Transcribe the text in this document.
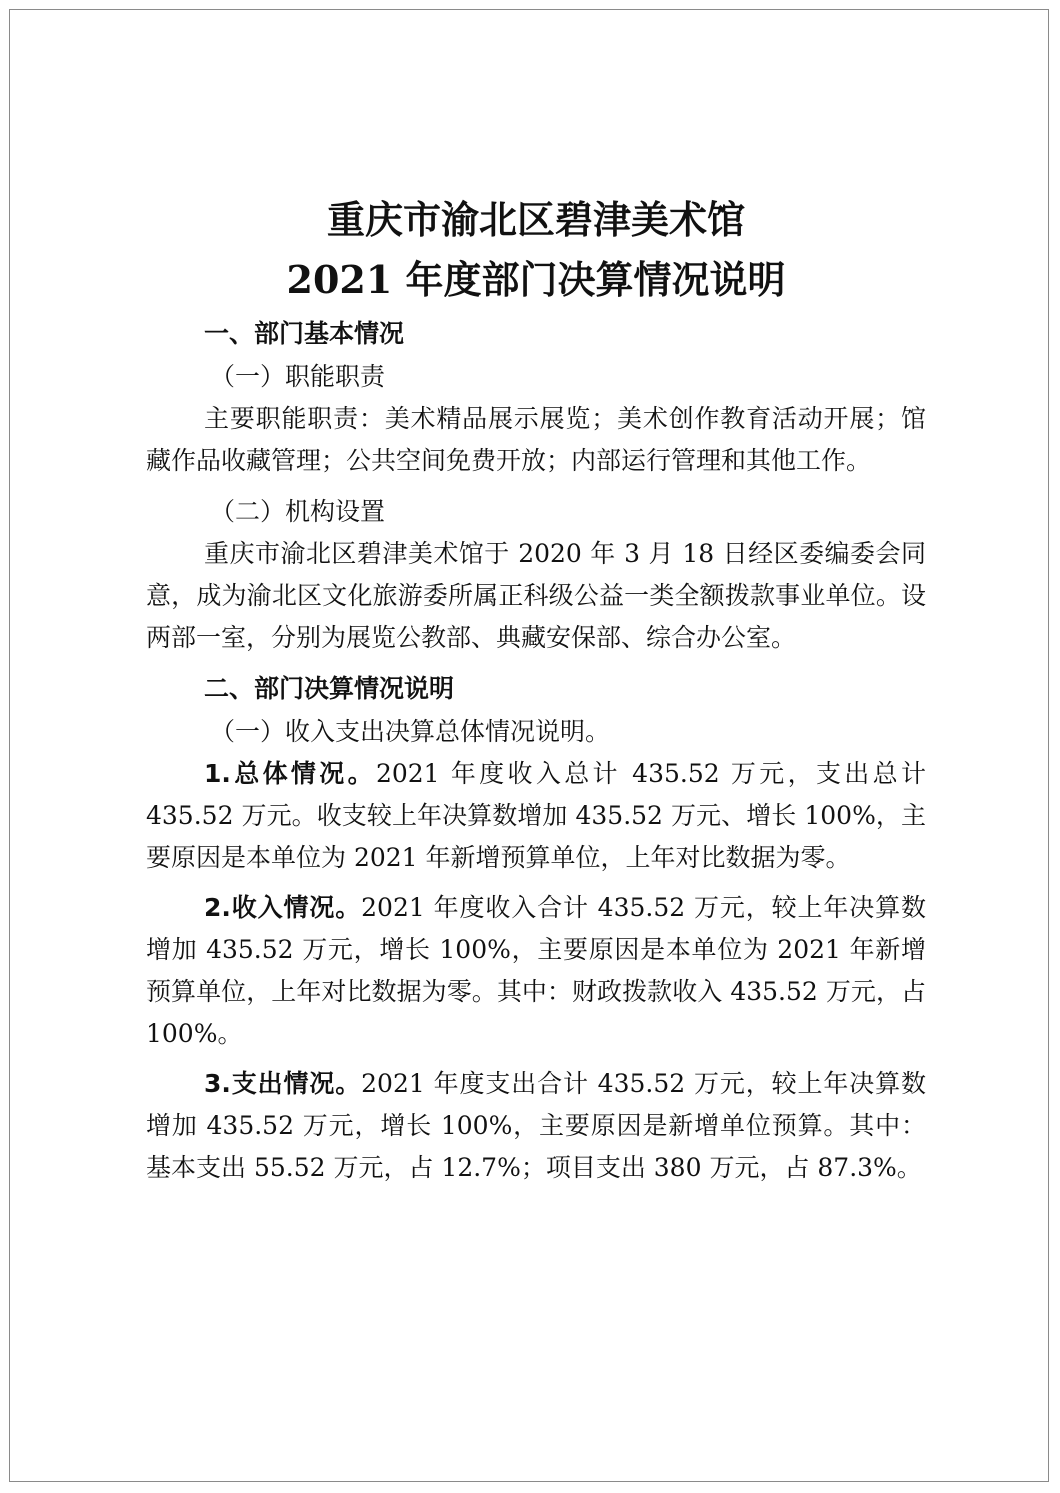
重庆市渝北区碧津美术馆
2021 年度部门决算情况说明

一、部门基本情况

（一）职能职责

主要职能职责：美术精品展示展览；美术创作教育活动开展；馆藏作品收藏管理；公共空间免费开放；内部运行管理和其他工作。

（二）机构设置

重庆市渝北区碧津美术馆于 2020 年 3 月 18 日经区委编委会同意，成为渝北区文化旅游委所属正科级公益一类全额拨款事业单位。设两部一室，分别为展览公教部、典藏安保部、综合办公室。

二、部门决算情况说明

（一）收入支出决算总体情况说明。

1.总体情况。2021 年度收入总计 435.52 万元，支出总计 435.52 万元。收支较上年决算数增加 435.52 万元、增长 100%，主要原因是本单位为 2021 年新增预算单位，上年对比数据为零。

2.收入情况。2021 年度收入合计 435.52 万元，较上年决算数增加 435.52 万元，增长 100%，主要原因是本单位为 2021 年新增预算单位，上年对比数据为零。其中：财政拨款收入 435.52 万元，占 100%。

3.支出情况。2021 年度支出合计 435.52 万元，较上年决算数增加 435.52 万元，增长 100%，主要原因是新增单位预算。其中：基本支出 55.52 万元，占 12.7%；项目支出 380 万元，占 87.3%。
